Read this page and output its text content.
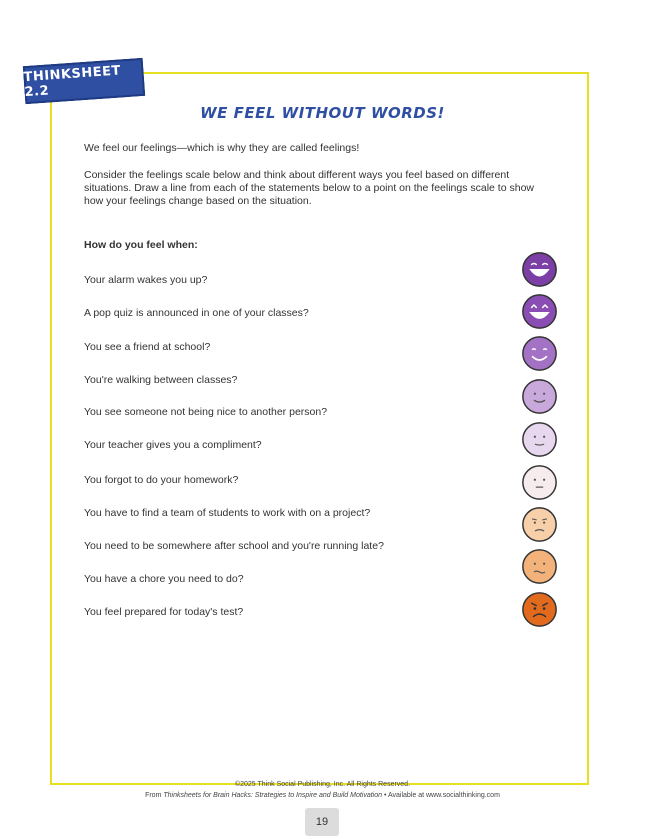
THINKSHEET 2.2
WE FEEL WITHOUT WORDS!
We feel our feelings—which is why they are called feelings!
Consider the feelings scale below and think about different ways you feel based on different situations. Draw a line from each of the statements below to a point on the feelings scale to show how your feelings change based on the situation.
How do you feel when:
Your alarm wakes you up?
A pop quiz is announced in one of your classes?
You see a friend at school?
You're walking between classes?
You see someone not being nice to another person?
Your teacher gives you a compliment?
You forgot to do your homework?
You have to find a team of students to work with on a project?
You need to be somewhere after school and you're running late?
You have a chore you need to do?
You feel prepared for today's test?
©2025 Think Social Publishing, Inc. All Rights Reserved.
From Thinksheets for Brain Hacks: Strategies to Inspire and Build Motivation • Available at www.socialthinking.com
19
